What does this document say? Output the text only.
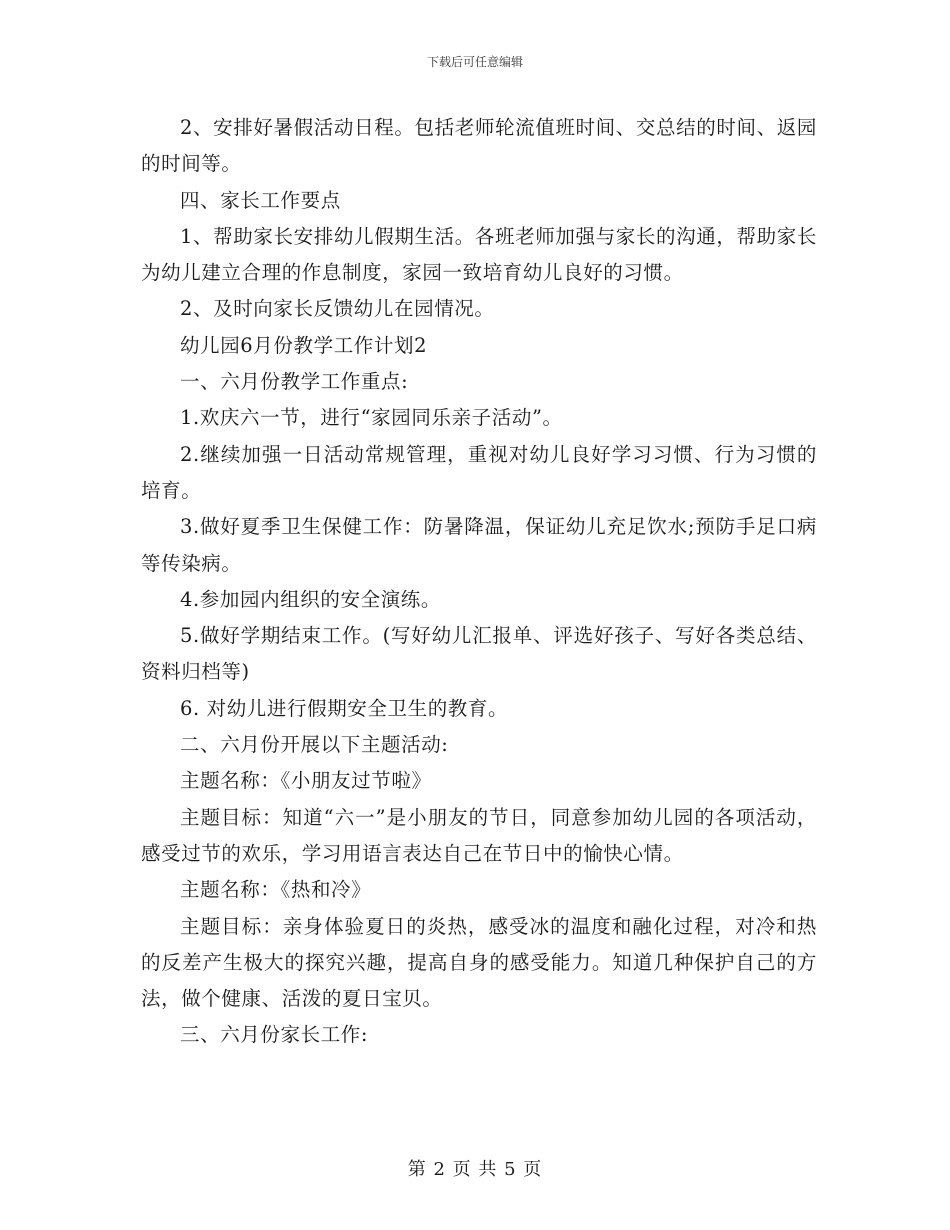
下载后可任意编辑

2、安排好暑假活动日程。包括老师轮流值班时间、交总结的时间、返园的时间等。

四、家长工作要点

1、帮助家长安排幼儿假期生活。各班老师加强与家长的沟通，帮助家长为幼儿建立合理的作息制度，家园一致培育幼儿良好的习惯。

2、及时向家长反馈幼儿在园情况。

幼儿园6月份教学工作计划2

一、六月份教学工作重点:

1.欢庆六一节，进行“家园同乐亲子活动”。

2.继续加强一日活动常规管理，重视对幼儿良好学习习惯、行为习惯的培育。

3.做好夏季卫生保健工作：防暑降温，保证幼儿充足饮水;预防手足口病等传染病。

4.参加园内组织的安全演练。

5.做好学期结束工作。(写好幼儿汇报单、评选好孩子、写好各类总结、资料归档等)

6. 对幼儿进行假期安全卫生的教育。

二、六月份开展以下主题活动:

主题名称：《小朋友过节啦》

主题目标：知道“六一”是小朋友的节日，同意参加幼儿园的各项活动，感受过节的欢乐，学习用语言表达自己在节日中的愉快心情。

主题名称：《热和冷》

主题目标：亲身体验夏日的炎热，感受冰的温度和融化过程，对冷和热的反差产生极大的探究兴趣，提高自身的感受能力。知道几种保护自己的方法，做个健康、活泼的夏日宝贝。

三、六月份家长工作:

第 2 页 共 5 页
